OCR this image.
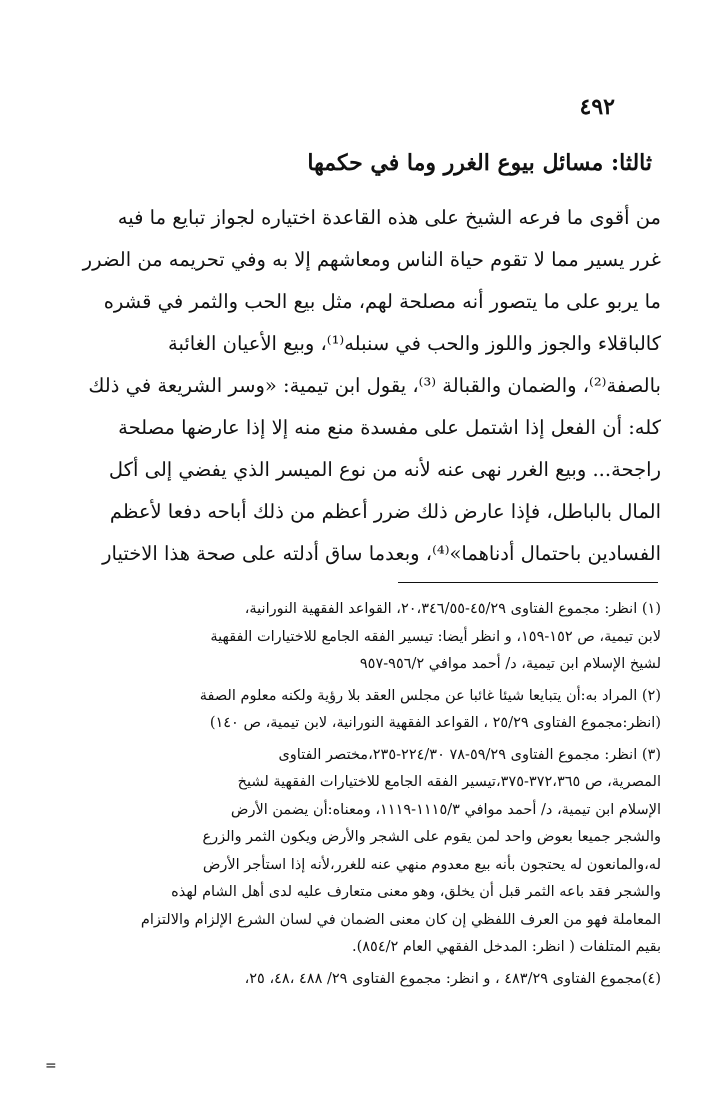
٤٩٢
ثالثا: مسائل بيوع الغرر وما في حكمها
من أقوى ما فرعه الشيخ على هذه القاعدة اختياره لجواز تبايع ما فيه
غرر يسير مما لا تقوم حياة الناس ومعاشهم إلا به وفي تحريمه من الضرر
ما يربو على ما يتصور أنه مصلحة لهم، مثل بيع الحب والثمر في قشره
كالباقلاء والجوز واللوز والحب في سنبله⁽¹⁾، وبيع الأعيان الغائبة
بالصفة⁽²⁾، والضمان والقبالة ⁽³⁾، يقول ابن تيمية: «وسر الشريعة في ذلك
كله: أن الفعل إذا اشتمل على مفسدة منع منه إلا إذا عارضها مصلحة
راجحة... وبيع الغرر نهى عنه لأنه من نوع الميسر الذي يفضي إلى أكل
المال بالباطل، فإذا عارض ذلك ضرر أعظم من ذلك أباحه دفعا لأعظم
الفسادين باحتمال أدناهما»⁽⁴⁾، وبعدما ساق أدلته على صحة هذا الاختيار
(١) انظر: مجموع الفتاوى ٤٥/٢٩-٢٠،٣٤٦/٥٥، القواعد الفقهية النورانية،
لابن تيمية، ص ١٥٢-١٥٩، و انظر أيضا: تيسير الفقه الجامع للاختيارات الفقهية
لشيخ الإسلام ابن تيمية، د/ أحمد موافي ٩٥٦/٢-٩٥٧
(٢) المراد به:أن يتبايعا شيئا غائبا عن مجلس العقد بلا رؤية ولكنه معلوم الصفة
(انظر:مجموع الفتاوى ٢٥/٢٩ ، القواعد الفقهية النورانية، لابن تيمية، ص ١٤٠)
(٣) انظر: مجموع الفتاوى ٥٩/٢٩-٧٨ ٢٢٤/٣٠-٢٣٥،مختصر الفتاوى
المصرية، ص ٣٧٢،٣٦٥-٣٧٥،تيسير الفقه الجامع للاختيارات الفقهية لشيخ
الإسلام ابن تيمية، د/ أحمد موافي ١١١٥/٣-١١١٩، ومعناه:أن يضمن الأرض
والشجر جميعا بعوض واحد لمن يقوم على الشجر والأرض ويكون الثمر والزرع
له،والمانعون له يحتجون بأنه بيع معدوم منهي عنه للغرر،لأنه إذا استأجر الأرض
والشجر فقد باعه الثمر قبل أن يخلق، وهو معنى متعارف عليه لدى أهل الشام لهذه
المعاملة فهو من العرف اللفظي إن كان معنى الضمان في لسان الشرع الإلزام والالتزام
بقيم المتلفات ( انظر: المدخل الفقهي العام ٨٥٤/٢).
(٤)مجموع الفتاوى ٤٨٣/٢٩ ، و انظر: مجموع الفتاوى ٢٩/ ٤٨٨ ،٤٨، ٢٥،
=
